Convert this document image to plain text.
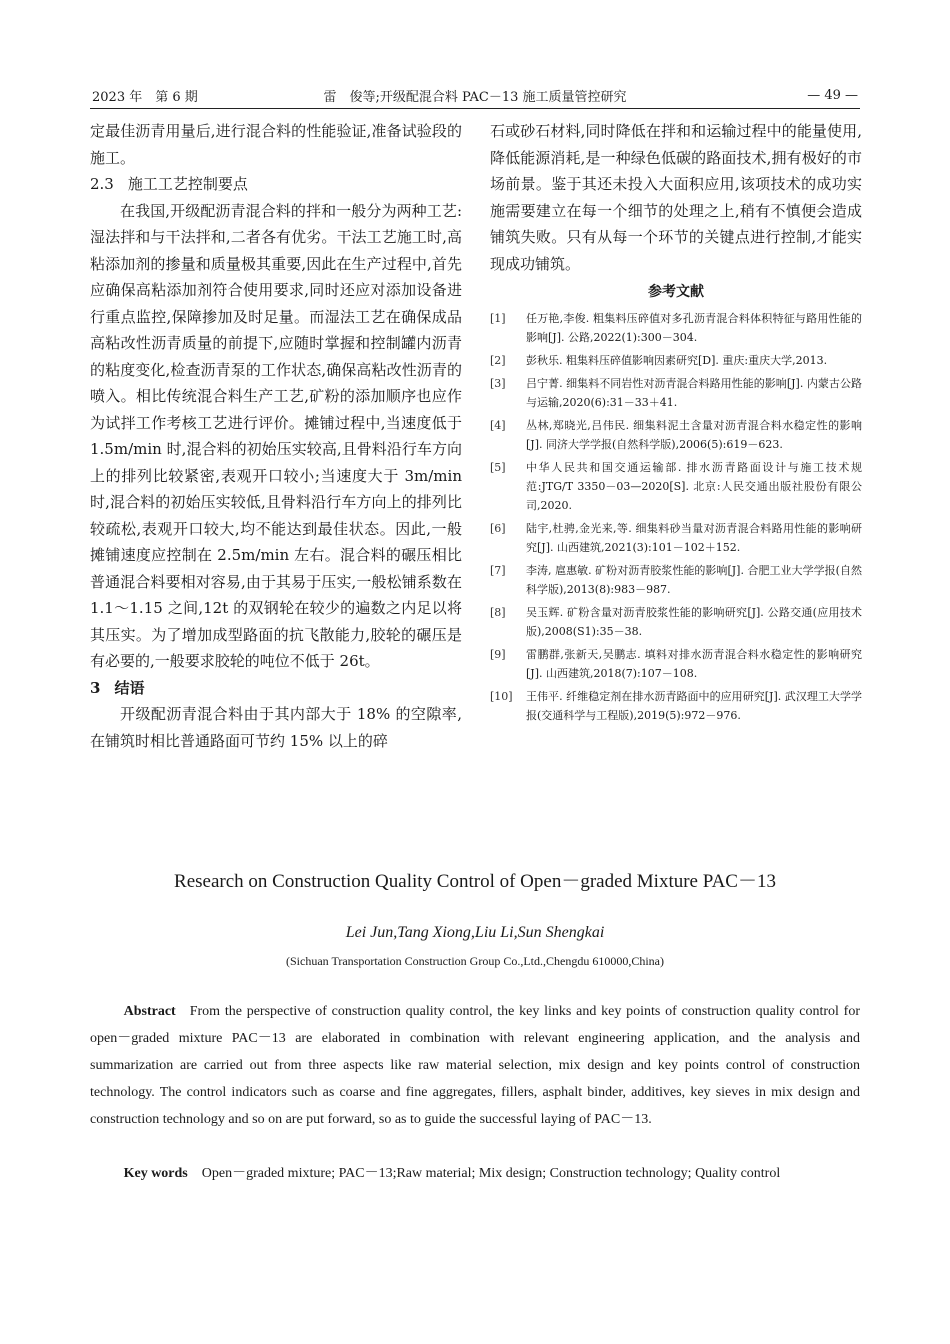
2023 年　第 6 期	雷　俊等;开级配混合料 PAC－13 施工质量管控研究	— 49 —

定最佳沥青用量后,进行混合料的性能验证,准备试验段的施工。

2.3 施工工艺控制要点

在我国,开级配沥青混合料的拌和一般分为两种工艺:湿法拌和与干法拌和,二者各有优劣。干法工艺施工时,高粘添加剂的掺量和质量极其重要,因此在生产过程中,首先应确保高粘添加剂符合使用要求,同时还应对添加设备进行重点监控,保障掺加及时足量。而湿法工艺在确保成品高粘改性沥青质量的前提下,应随时掌握和控制罐内沥青的粘度变化,检查沥青泵的工作状态,确保高粘改性沥青的喷入。相比传统混合料生产工艺,矿粉的添加顺序也应作为试拌工作考核工艺进行评价。摊铺过程中,当速度低于 1.5m/min 时,混合料的初始压实较高,且骨料沿行车方向上的排列比较紧密,表观开口较小;当速度大于 3m/min 时,混合料的初始压实较低,且骨料沿行车方向上的排列比较疏松,表观开口较大,均不能达到最佳状态。因此,一般摊铺速度应控制在 2.5m/min 左右。混合料的碾压相比普通混合料要相对容易,由于其易于压实,一般松铺系数在 1.1～1.15 之间,12t 的双钢轮在较少的遍数之内足以将其压实。为了增加成型路面的抗飞散能力,胶轮的碾压是有必要的,一般要求胶轮的吨位不低于 26t。

3 结语

开级配沥青混合料由于其内部大于 18% 的空隙率,在铺筑时相比普通路面可节约 15% 以上的碎

石或砂石材料,同时降低在拌和和运输过程中的能量使用,降低能源消耗,是一种绿色低碳的路面技术,拥有极好的市场前景。鉴于其还未投入大面积应用,该项技术的成功实施需要建立在每一个细节的处理之上,稍有不慎便会造成铺筑失败。只有从每一个环节的关键点进行控制,才能实现成功铺筑。

参考文献
[1]	任万艳,李俊. 粗集料压碎值对多孔沥青混合料体积特征与路用性能的影响[J]. 公路,2022(1):300－304.
[2]	彭秋乐. 粗集料压碎值影响因素研究[D]. 重庆:重庆大学,2013.
[3]	吕宁菁. 细集料不同岩性对沥青混合料路用性能的影响[J]. 内蒙古公路与运输,2020(6):31－33＋41.
[4]	丛林,郑晓光,吕伟民. 细集料泥土含量对沥青混合料水稳定性的影响[J]. 同济大学学报(自然科学版),2006(5):619－623.
[5]	中华人民共和国交通运输部. 排水沥青路面设计与施工技术规范:JTG/T 3350－03—2020[S]. 北京:人民交通出版社股份有限公司,2020.
[6]	陆宇,杜骋,金光来,等. 细集料砂当量对沥青混合料路用性能的影响研究[J]. 山西建筑,2021(3):101－102＋152.
[7]	李涛, 扈惠敏. 矿粉对沥青胶浆性能的影响[J]. 合肥工业大学学报(自然科学版),2013(8):983－987.
[8]	吴玉辉. 矿粉含量对沥青胶浆性能的影响研究[J]. 公路交通(应用技术版),2008(S1):35－38.
[9]	雷鹏群,张新天,吴鹏志. 填料对排水沥青混合料水稳定性的影响研究[J]. 山西建筑,2018(7):107－108.
[10]	王伟平. 纤维稳定剂在排水沥青路面中的应用研究[J]. 武汉理工大学学报(交通科学与工程版),2019(5):972－976.
Research on Construction Quality Control of Open－graded Mixture PAC－13
Lei Jun,Tang Xiong,Liu Li,Sun Shengkai
(Sichuan Transportation Construction Group Co.,Ltd.,Chengdu 610000,China)

Abstract From the perspective of construction quality control, the key links and key points of construction quality control for open－graded mixture PAC－13 are elaborated in combination with relevant engineering application, and the analysis and summarization are carried out from three aspects like raw material selection, mix design and key points control of construction technology. The control indicators such as coarse and fine aggregates, fillers, asphalt binder, additives, key sieves in mix design and construction technology and so on are put forward, so as to guide the successful laying of PAC－13.

Key words Open－graded mixture; PAC－13;Raw material; Mix design; Construction technology; Quality control
